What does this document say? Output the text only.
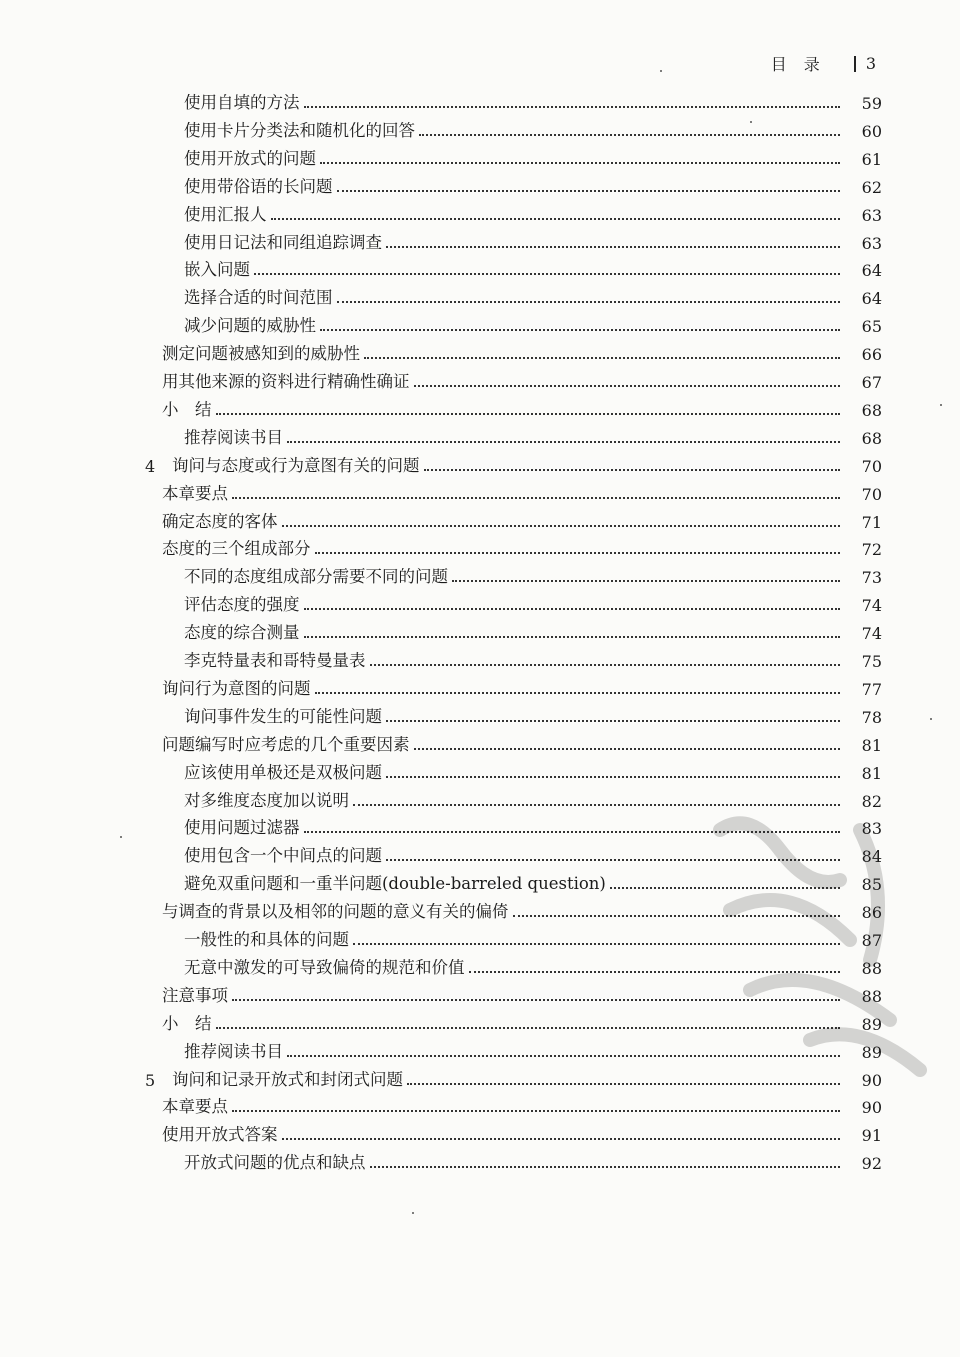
目 录	3
使用自填的方法	59
使用卡片分类法和随机化的回答	60
使用开放式的问题	61
使用带俗语的长问题	62
使用汇报人	63
使用日记法和同组追踪调查	63
嵌入问题	64
选择合适的时间范围	64
减少问题的威胁性	65
测定问题被感知到的威胁性	66
用其他来源的资料进行精确性确证	67
小　结	68
推荐阅读书目	68
4 询问与态度或行为意图有关的问题	70
本章要点	70
确定态度的客体	71
态度的三个组成部分	72
不同的态度组成部分需要不同的问题	73
评估态度的强度	74
态度的综合测量	74
李克特量表和哥特曼量表	75
询问行为意图的问题	77
询问事件发生的可能性问题	78
问题编写时应考虑的几个重要因素	81
应该使用单极还是双极问题	81
对多维度态度加以说明	82
使用问题过滤器	83
使用包含一个中间点的问题	84
避免双重问题和一重半问题(double-barreled question)	85
与调查的背景以及相邻的问题的意义有关的偏倚	86
一般性的和具体的问题	87
无意中激发的可导致偏倚的规范和价值	88
注意事项	88
小　结	89
推荐阅读书目	89
5 询问和记录开放式和封闭式问题	90
本章要点	90
使用开放式答案	91
开放式问题的优点和缺点	92
